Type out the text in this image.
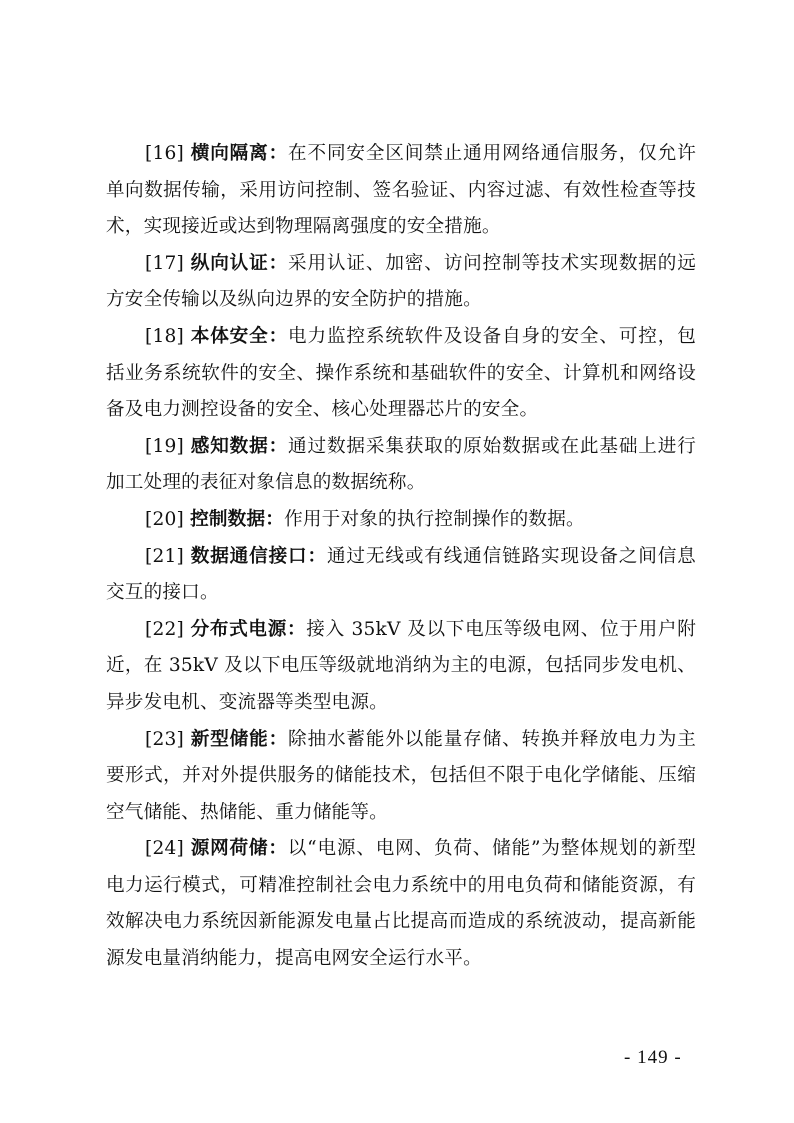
[16] 横向隔离：在不同安全区间禁止通用网络通信服务，仅允许单向数据传输，采用访问控制、签名验证、内容过滤、有效性检查等技术，实现接近或达到物理隔离强度的安全措施。

[17] 纵向认证：采用认证、加密、访问控制等技术实现数据的远方安全传输以及纵向边界的安全防护的措施。

[18] 本体安全：电力监控系统软件及设备自身的安全、可控，包括业务系统软件的安全、操作系统和基础软件的安全、计算机和网络设备及电力测控设备的安全、核心处理器芯片的安全。

[19] 感知数据：通过数据采集获取的原始数据或在此基础上进行加工处理的表征对象信息的数据统称。

[20] 控制数据：作用于对象的执行控制操作的数据。

[21] 数据通信接口：通过无线或有线通信链路实现设备之间信息交互的接口。

[22] 分布式电源：接入 35kV 及以下电压等级电网、位于用户附近，在 35kV 及以下电压等级就地消纳为主的电源，包括同步发电机、异步发电机、变流器等类型电源。

[23] 新型储能：除抽水蓄能外以能量存储、转换并释放电力为主要形式，并对外提供服务的储能技术，包括但不限于电化学储能、压缩空气储能、热储能、重力储能等。

[24] 源网荷储：以“电源、电网、负荷、储能”为整体规划的新型电力运行模式，可精准控制社会电力系统中的用电负荷和储能资源，有效解决电力系统因新能源发电量占比提高而造成的系统波动，提高新能源发电量消纳能力，提高电网安全运行水平。

- 149 -
